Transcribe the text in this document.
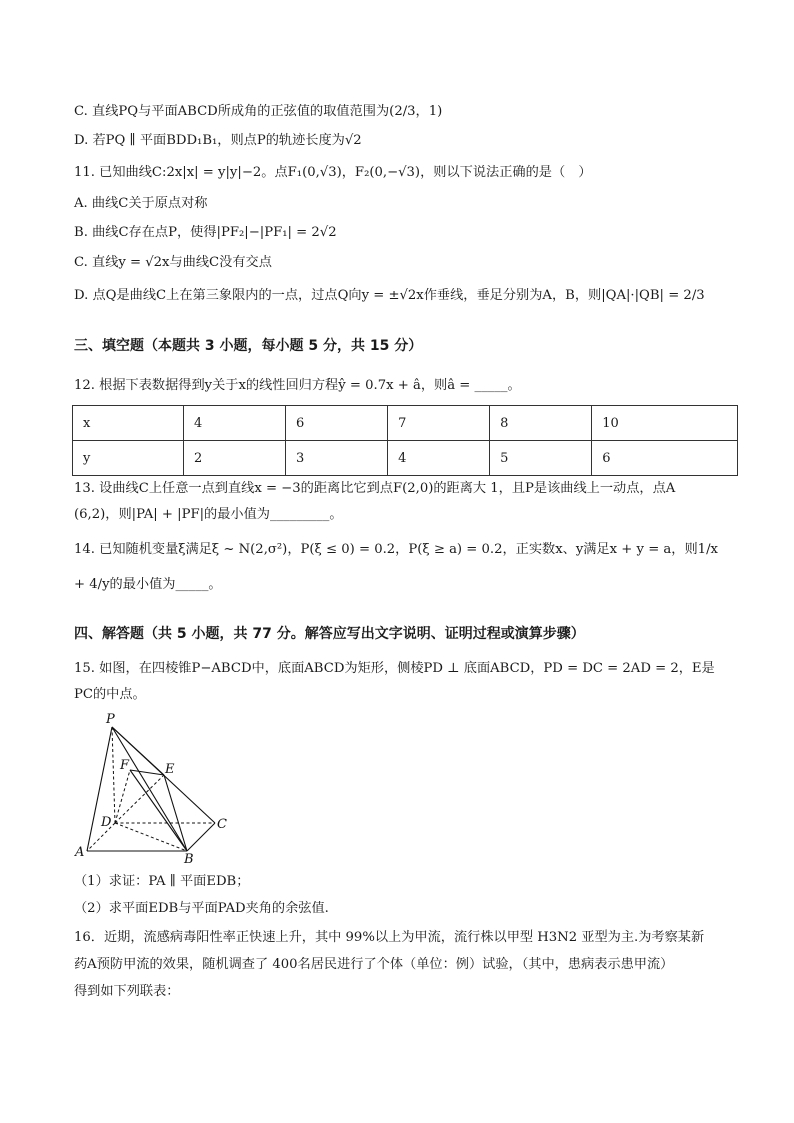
C. 直线PQ与平面ABCD所成角的正弦值的取值范围为(2/3，1)
D. 若PQ ∥ 平面BDD₁B₁，则点P的轨迹长度为√2
11. 已知曲线C:2x|x| = y|y|−2。点F₁(0,√3)，F₂(0,−√3)，则以下说法正确的是（　）
A. 曲线C关于原点对称
B. 曲线C存在点P，使得|PF₂|−|PF₁| = 2√2
C. 直线y = √2x与曲线C没有交点
D. 点Q是曲线C上在第三象限内的一点，过点Q向y = ±√2x作垂线，垂足分别为A，B，则|QA|·|QB| = 2/3
三、填空题（本题共 3 小题，每小题 5 分，共 15 分）
12. 根据下表数据得到y关于x的线性回归方程ŷ = 0.7x + â，则â = _____。
x	4	6	7	8	10
y	2	3	4	5	6
13. 设曲线C上任意一点到直线x = −3的距离比它到点F(2,0)的距离大 1，且P是该曲线上一动点，点A
(6,2)，则|PA| + |PF|的最小值为_________。
14. 已知随机变量ξ满足ξ ~ N(2,σ²)，P(ξ ≤ 0) = 0.2，P(ξ ≥ a) = 0.2，正实数x、y满足x + y = a，则1/x
+ 4/y的最小值为_____。
四、解答题（共 5 小题，共 77 分。解答应写出文字说明、证明过程或演算步骤）
15. 如图，在四棱锥P−ABCD中，底面ABCD为矩形，侧棱PD ⊥ 底面ABCD，PD = DC = 2AD = 2，E是
PC的中点。
P
F	E
D	C
A	B
（1）求证：PA ∥ 平面EDB；
（2）求平面EDB与平面PAD夹角的余弦值.
16．近期，流感病毒阳性率正快速上升，其中 99%以上为甲流，流行株以甲型 H3N2 亚型为主.为考察某新
药A预防甲流的效果，随机调查了 400名居民进行了个体（单位：例）试验，（其中，患病表示患甲流）
得到如下列联表：
